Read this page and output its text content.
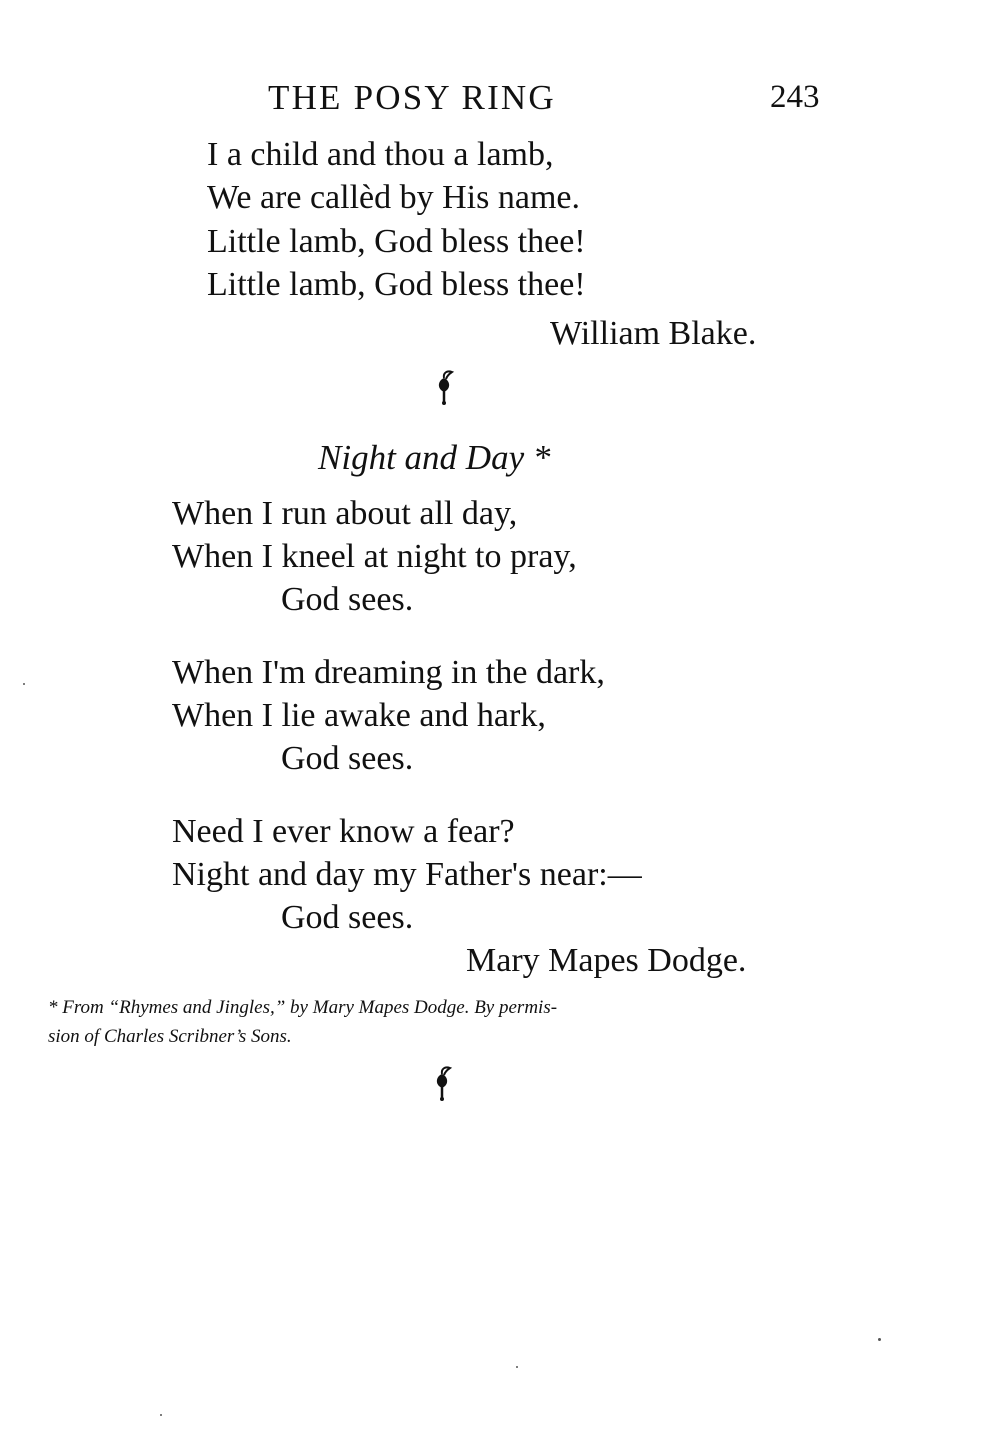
THE POSY RING	243
I a child and thou a lamb,
We are callèd by His name.
Little lamb, God bless thee!
Little lamb, God bless thee!
William Blake.
Night and Day *
When I run about all day,
When I kneel at night to pray,
God sees.
When I'm dreaming in the dark,
When I lie awake and hark,
God sees.
Need I ever know a fear?
Night and day my Father's near:—
God sees.
Mary Mapes Dodge.
* From “Rhymes and Jingles,” by Mary Mapes Dodge. By permis-
sion of Charles Scribner’s Sons.
